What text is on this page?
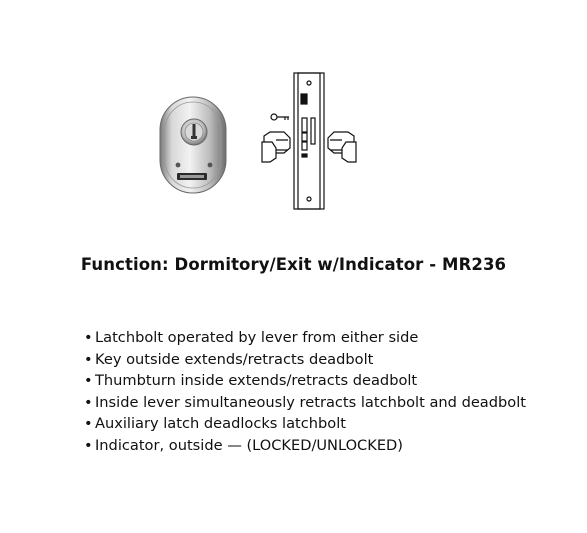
Function: Dormitory/Exit w/Indicator - MR236
• Latchbolt operated by lever from either side
• Key outside extends/retracts deadbolt
• Thumbturn inside extends/retracts deadbolt
• Inside lever simultaneously retracts latchbolt and deadbolt
• Auxiliary latch deadlocks latchbolt
• Indicator, outside — (LOCKED/UNLOCKED)
